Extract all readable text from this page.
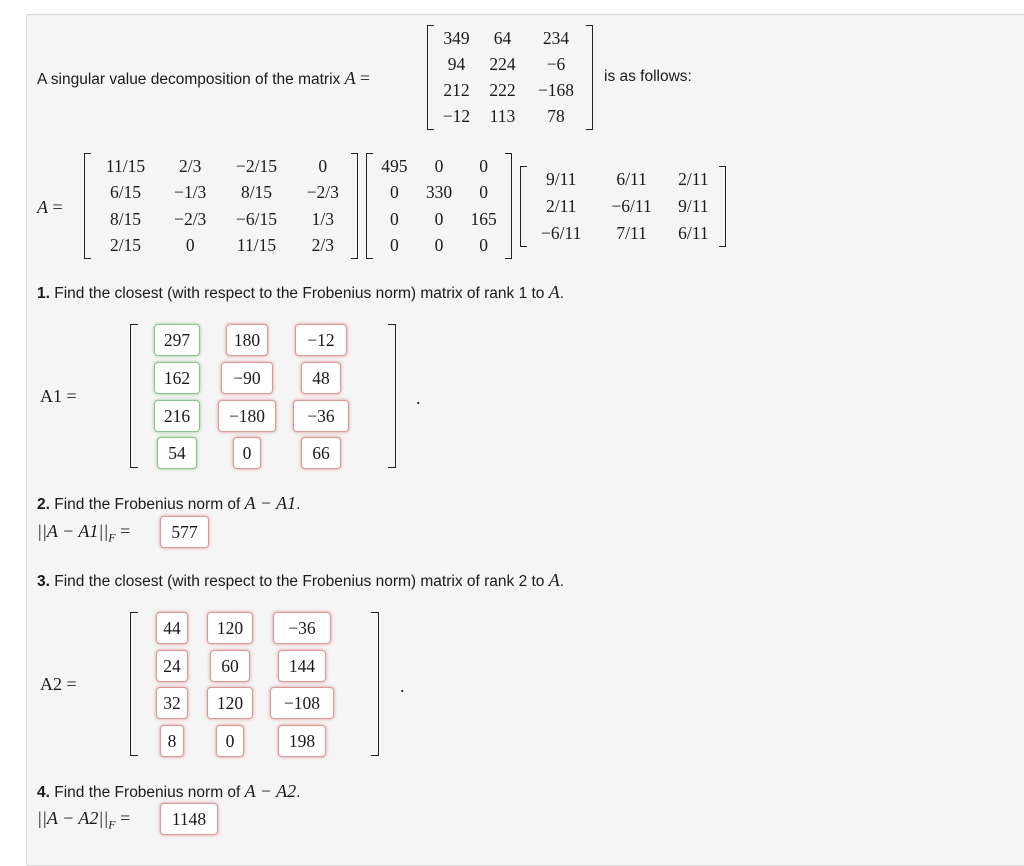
A singular value decomposition of the matrix A =
349	64	234
94	224	−6
212	222	−168
−12	113	78
is as follows:
A =
11/15	2/3	−2/15	0
6/15	−1/3	8/15	−2/3
8/15	−2/3	−6/15	1/3
2/15	0	11/15	2/3
495	0	0
0	330	0
0	0	165
0	0	0
9/11	6/11	2/11
2/11	−6/11	9/11
−6/11	7/11	6/11
1. Find the closest (with respect to the Frobenius norm) matrix of rank 1 to A.
A1 =
297	180	−12
162	−90	48
216	−180	−36
54	0	66
.
2. Find the Frobenius norm of A − A1.
$||A - A1||_F$ =	577
3. Find the closest (with respect to the Frobenius norm) matrix of rank 2 to A.
A2 =
44	120	−36
24	60	144
32	120	−108
8	0	198
.
4. Find the Frobenius norm of A − A2.
$||A - A2||_F$ =	1148
